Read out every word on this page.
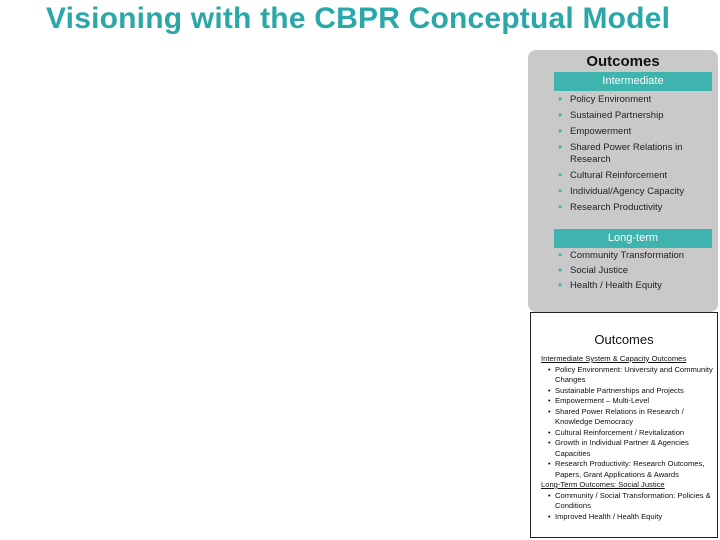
Visioning with the CBPR Conceptual Model
Outcomes
Intermediate
• Policy Environment
• Sustained Partnership
• Empowerment
• Shared Power Relations in Research
• Cultural Reinforcement
• Individual/Agency Capacity
• Research Productivity
Long-term
• Community Transformation
• Social Justice
• Health / Health Equity
Outcomes
Intermediate System & Capacity Outcomes
• Policy Environment: University and Community Changes
• Sustainable Partnerships and Projects
• Empowerment – Multi-Level
• Shared Power Relations in Research / Knowledge Democracy
• Cultural Reinforcement / Revitalization
• Growth in Individual Partner & Agencies Capacities
• Research Productivity: Research Outcomes, Papers, Grant Applications & Awards
Long-Term Outcomes: Social Justice
• Community / Social Transformation: Policies & Conditions
• Improved Health / Health Equity
